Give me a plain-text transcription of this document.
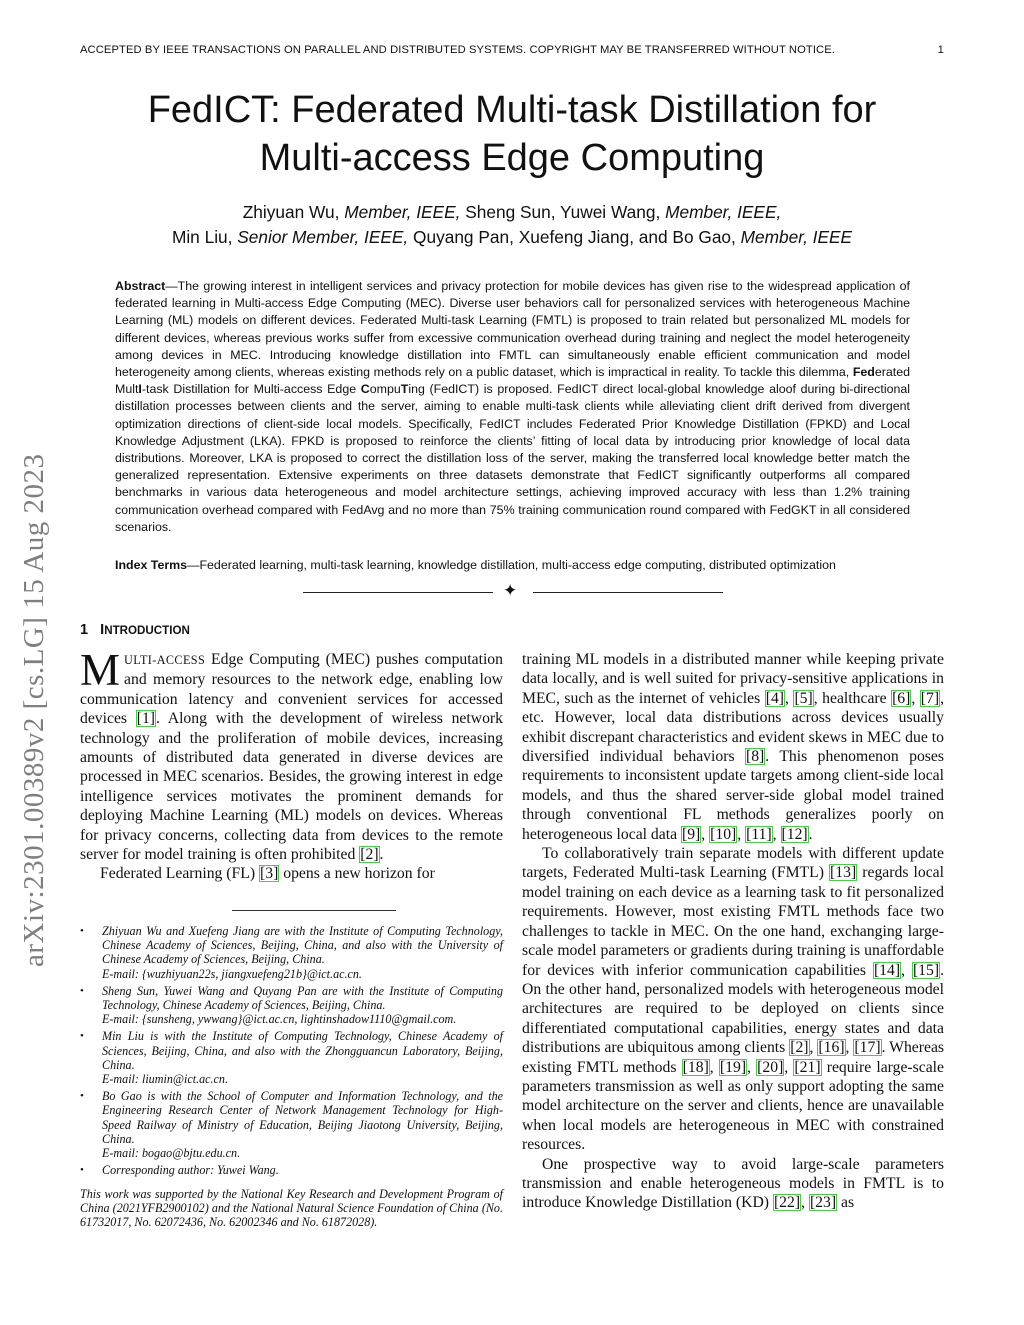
ACCEPTED BY IEEE TRANSACTIONS ON PARALLEL AND DISTRIBUTED SYSTEMS. COPYRIGHT MAY BE TRANSFERRED WITHOUT NOTICE.	1
FedICT: Federated Multi-task Distillation for
Multi-access Edge Computing
Zhiyuan Wu, Member, IEEE, Sheng Sun, Yuwei Wang, Member, IEEE,
Min Liu, Senior Member, IEEE, Quyang Pan, Xuefeng Jiang, and Bo Gao, Member, IEEE
Abstract—The growing interest in intelligent services and privacy protection for mobile devices has given rise to the widespread application of federated learning in Multi-access Edge Computing (MEC). Diverse user behaviors call for personalized services with heterogeneous Machine Learning (ML) models on different devices. Federated Multi-task Learning (FMTL) is proposed to train related but personalized ML models for different devices, whereas previous works suffer from excessive communication overhead during training and neglect the model heterogeneity among devices in MEC. Introducing knowledge distillation into FMTL can simultaneously enable efficient communication and model heterogeneity among clients, whereas existing methods rely on a public dataset, which is impractical in reality. To tackle this dilemma, Federated MultI-task Distillation for Multi-access Edge CompuTing (FedICT) is proposed. FedICT direct local-global knowledge aloof during bi-directional distillation processes between clients and the server, aiming to enable multi-task clients while alleviating client drift derived from divergent optimization directions of client-side local models. Specifically, FedICT includes Federated Prior Knowledge Distillation (FPKD) and Local Knowledge Adjustment (LKA). FPKD is proposed to reinforce the clients’ fitting of local data by introducing prior knowledge of local data distributions. Moreover, LKA is proposed to correct the distillation loss of the server, making the transferred local knowledge better match the generalized representation. Extensive experiments on three datasets demonstrate that FedICT significantly outperforms all compared benchmarks in various data heterogeneous and model architecture settings, achieving improved accuracy with less than 1.2% training communication overhead compared with FedAvg and no more than 75% training communication round compared with FedGKT in all considered scenarios.
Index Terms—Federated learning, multi-task learning, knowledge distillation, multi-access edge computing, distributed optimization
✦
arXiv:2301.00389v2 [cs.LG] 15 Aug 2023 1 INTRODUCTION

MULTI-ACCESS Edge Computing (MEC) pushes computation and memory resources to the network edge, enabling low communication latency and convenient services for accessed devices [1]. Along with the development of wireless network technology and the proliferation of mobile devices, increasing amounts of distributed data generated in diverse devices are processed in MEC scenarios. Besides, the growing interest in edge intelligence services motivates the prominent demands for deploying Machine Learning (ML) models on devices. Whereas for privacy concerns, collecting data from devices to the remote server for model training is often prohibited [2].

Federated Learning (FL) [3] opens a new horizon for

• Zhiyuan Wu and Xuefeng Jiang are with the Institute of Computing Technology, Chinese Academy of Sciences, Beijing, China, and also with the University of Chinese Academy of Sciences, Beijing, China.
E-mail: {wuzhiyuan22s, jiangxuefeng21b}@ict.ac.cn.
• Sheng Sun, Yuwei Wang and Quyang Pan are with the Institute of Computing Technology, Chinese Academy of Sciences, Beijing, China.
E-mail: {sunsheng, ywwang}@ict.ac.cn, lightinshadow1110@gmail.com.
• Min Liu is with the Institute of Computing Technology, Chinese Academy of Sciences, Beijing, China, and also with the Zhongguancun Laboratory, Beijing, China.
E-mail: liumin@ict.ac.cn.
• Bo Gao is with the School of Computer and Information Technology, and the Engineering Research Center of Network Management Technology for High-Speed Railway of Ministry of Education, Beijing Jiaotong University, Beijing, China.
E-mail: bogao@bjtu.edu.cn.
• Corresponding author: Yuwei Wang.
This work was supported by the National Key Research and Development Program of China (2021YFB2900102) and the National Natural Science Foundation of China (No. 61732017, No. 62072436, No. 62002346 and No. 61872028).

training ML models in a distributed manner while keeping private data locally, and is well suited for privacy-sensitive applications in MEC, such as the internet of vehicles [4], [5], healthcare [6], [7], etc. However, local data distributions across devices usually exhibit discrepant characteristics and evident skews in MEC due to diversified individual behaviors [8]. This phenomenon poses requirements to inconsistent update targets among client-side local models, and thus the shared server-side global model trained through conventional FL methods generalizes poorly on heterogeneous local data [9], [10], [11], [12].

To collaboratively train separate models with different update targets, Federated Multi-task Learning (FMTL) [13] regards local model training on each device as a learning task to fit personalized requirements. However, most existing FMTL methods face two challenges to tackle in MEC. On the one hand, exchanging large-scale model parameters or gradients during training is unaffordable for devices with inferior communication capabilities [14], [15]. On the other hand, personalized models with heterogeneous model architectures are required to be deployed on clients since differentiated computational capabilities, energy states and data distributions are ubiquitous among clients [2], [16], [17]. Whereas existing FMTL methods [18], [19], [20], [21] require large-scale parameters transmission as well as only support adopting the same model architecture on the server and clients, hence are unavailable when local models are heterogeneous in MEC with constrained resources.

One prospective way to avoid large-scale parameters transmission and enable heterogeneous models in FMTL is to introduce Knowledge Distillation (KD) [22], [23] as
